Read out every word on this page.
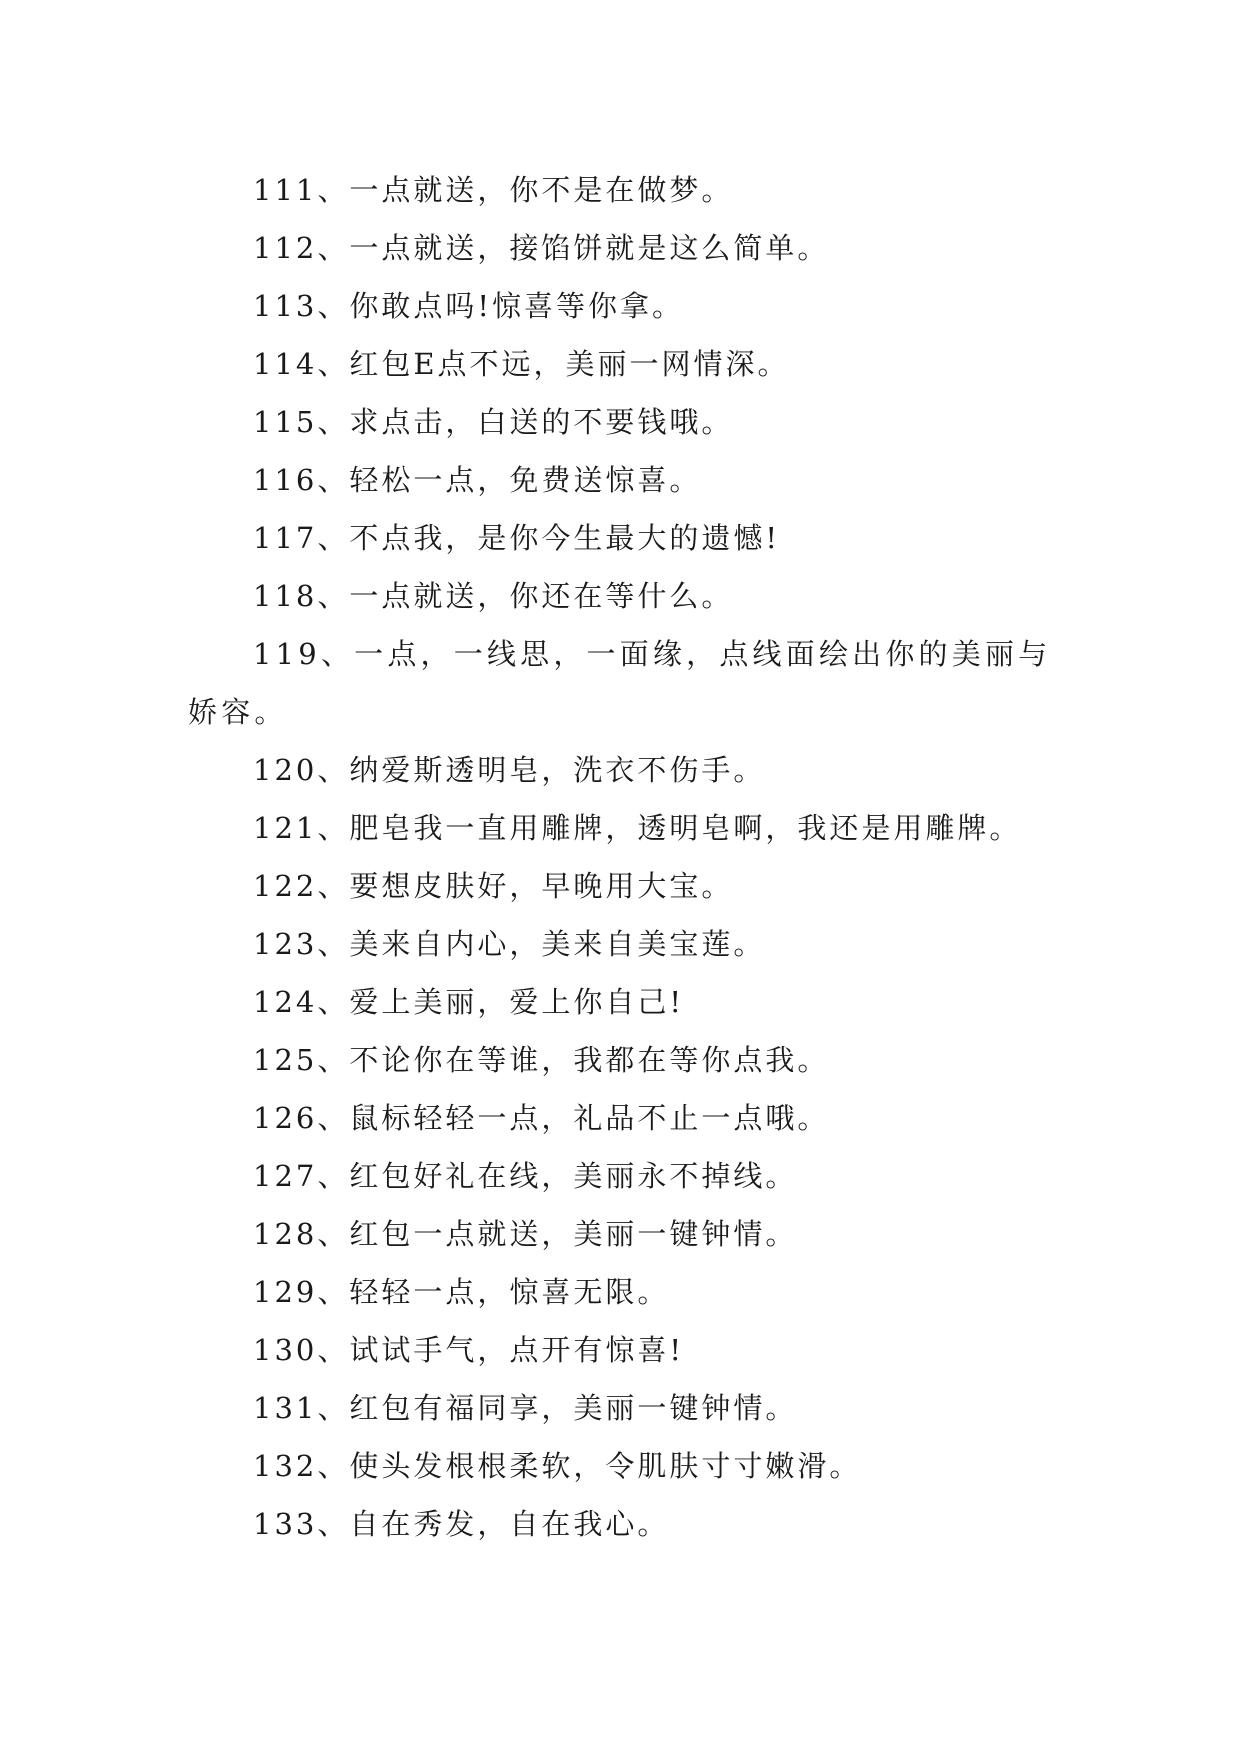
111、一点就送，你不是在做梦。

112、一点就送，接馅饼就是这么简单。

113、你敢点吗!惊喜等你拿。

114、红包E点不远，美丽一网情深。

115、求点击，白送的不要钱哦。

116、轻松一点，免费送惊喜。

117、不点我，是你今生最大的遗憾!

118、一点就送，你还在等什么。

119、一点，一线思，一面缘，点线面绘出你的美丽与娇容。

120、纳爱斯透明皂，洗衣不伤手。

121、肥皂我一直用雕牌，透明皂啊，我还是用雕牌。

122、要想皮肤好，早晚用大宝。

123、美来自内心，美来自美宝莲。

124、爱上美丽，爱上你自己!

125、不论你在等谁，我都在等你点我。

126、鼠标轻轻一点，礼品不止一点哦。

127、红包好礼在线，美丽永不掉线。

128、红包一点就送，美丽一键钟情。

129、轻轻一点，惊喜无限。

130、试试手气，点开有惊喜!

131、红包有福同享，美丽一键钟情。

132、使头发根根柔软，令肌肤寸寸嫩滑。

133、自在秀发，自在我心。
